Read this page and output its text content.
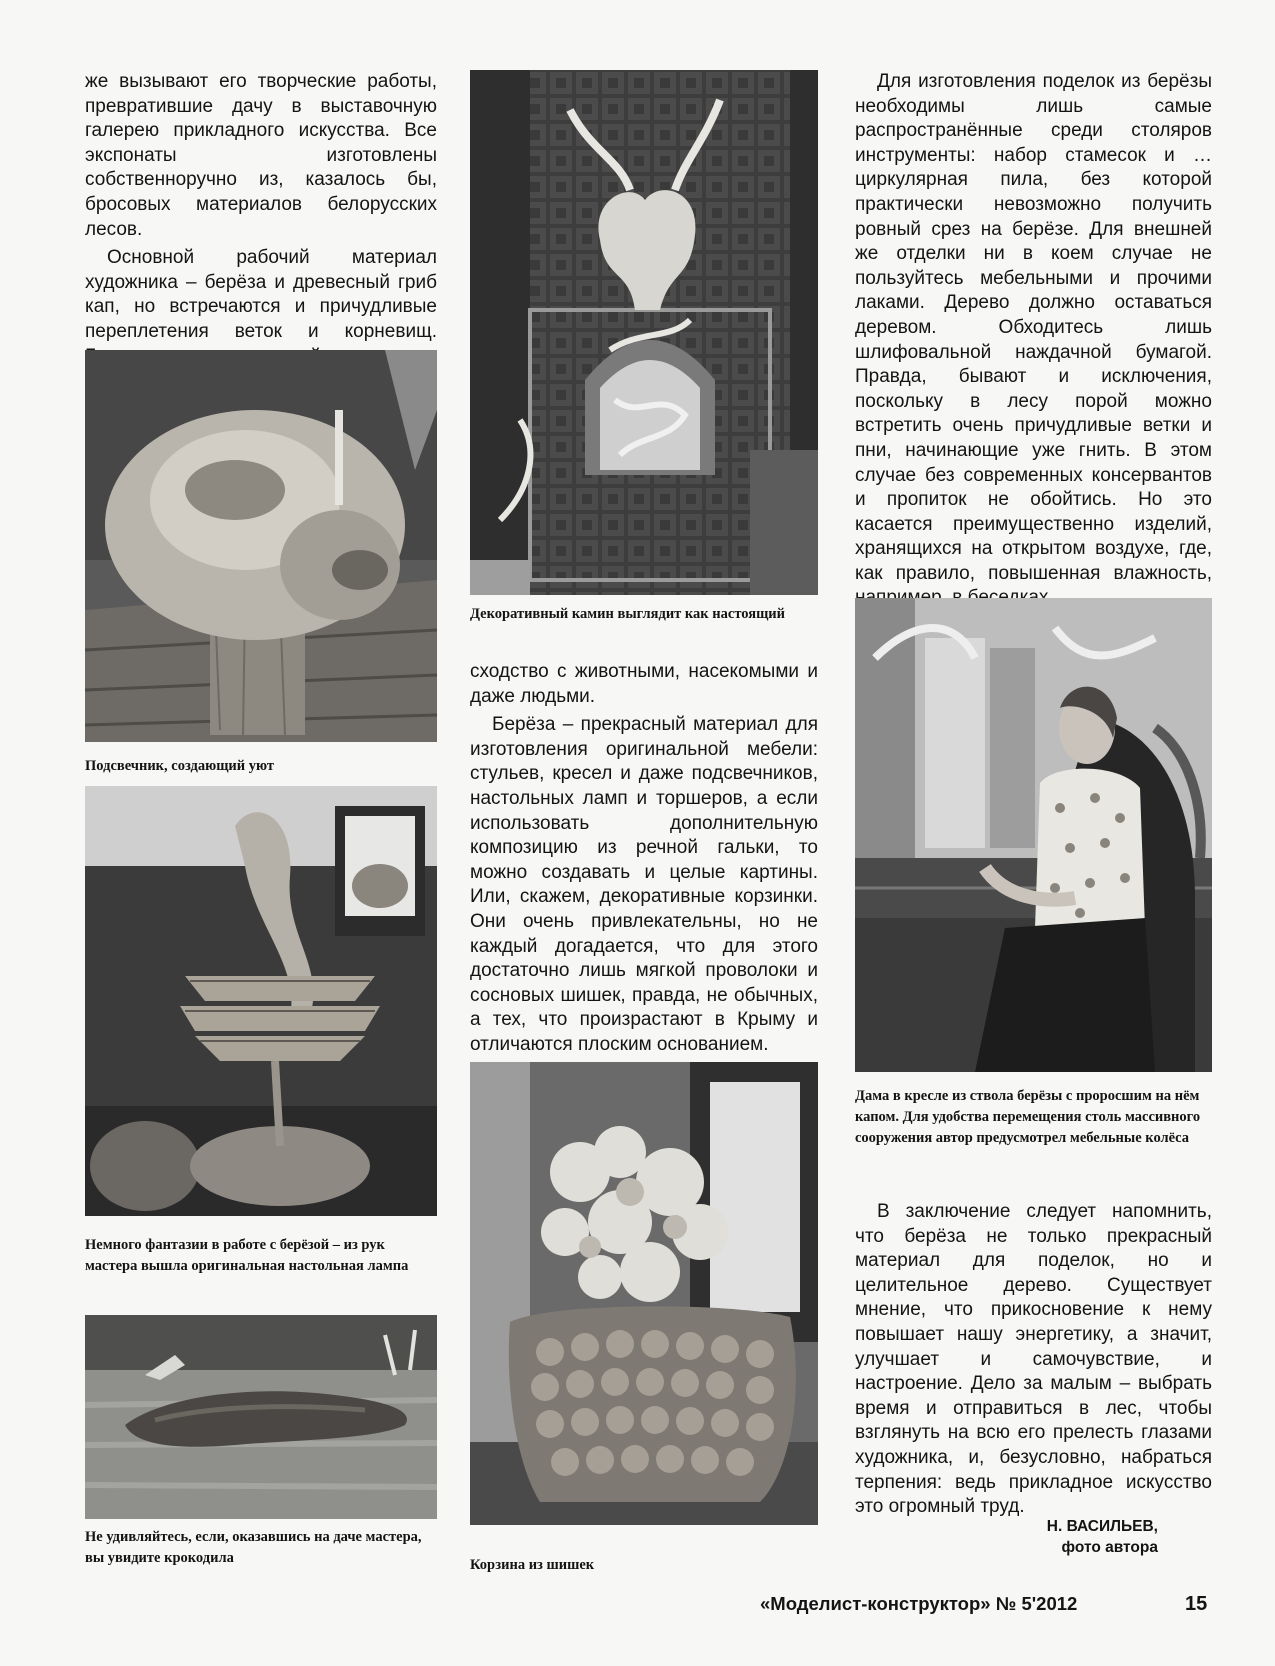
же вызывают его творческие работы, превратившие дачу в выставочную галерею прикладного искусства. Все экспонаты изготовлены собственноручно из, казалось бы, бросовых материалов белорусских лесов.

Основной рабочий материал художника – берёза и древесный гриб кап, но встречаются и причудливые переплетения веток и корневищ.

Подсвечник, создающий уют

Немного фантазии в работе с берёзой – из рук мастера вышла оригинальная настольная лампа

Не удивляйтесь, если, оказавшись на даче мастера, вы увидите крокодила

Декоративный камин выглядит как настоящий

сходство с животными, насекомыми и даже людьми.

Берёза – прекрасный материал для изготовления оригинальной мебели: стульев, кресел и даже подсвечников, настольных ламп и торшеров, а если использовать дополнительную композицию из речной гальки, то можно создавать и целые картины. Или, скажем, декоративные корзинки. Они очень привлекательны, но не каждый догадается, что для этого достаточно лишь мягкой проволоки и сосновых шишек, правда, не обычных, а тех, что произрастают в Крыму и отличаются плоским основанием.

Корзина из шишек

Для изготовления поделок из берёзы необходимы лишь самые распространённые среди столяров инструменты: набор стамесок и … циркулярная пила, без которой практически невозможно получить ровный срез на берёзе. Для внешней же отделки ни в коем случае не пользуйтесь мебельными и прочими лаками. Дерево должно оставаться деревом. Обходитесь лишь шлифовальной наждачной бумагой. Правда, бывают и исключения, поскольку в лесу порой можно встретить очень причудливые ветки и пни, начинающие уже гнить. В этом случае без современных консервантов и пропиток не обойтись. Но это касается преимущественно изделий, хранящихся на открытом воздухе, где, как правило, повышенная влажность,

Дама в кресле из ствола берёзы с проросшим на нём капом. Для удобства перемещения столь массивного сооружения автор предусмотрел мебельные колёса

В заключение следует напомнить, что берёза не только прекрасный материал для поделок, но и целительное дерево. Существует мнение, что прикосновение к нему повышает нашу энергетику, а значит, улучшает и самочувствие, и настроение. Дело за малым – выбрать время и отправиться в лес, чтобы взглянуть на всю его прелесть глазами художника, и, безусловно, набраться терпения: ведь прикладное искусство это огромный труд.

Н. ВАСИЛЬЕВ,
фото автора
«Моделист-конструктор» № 5'2012	15
